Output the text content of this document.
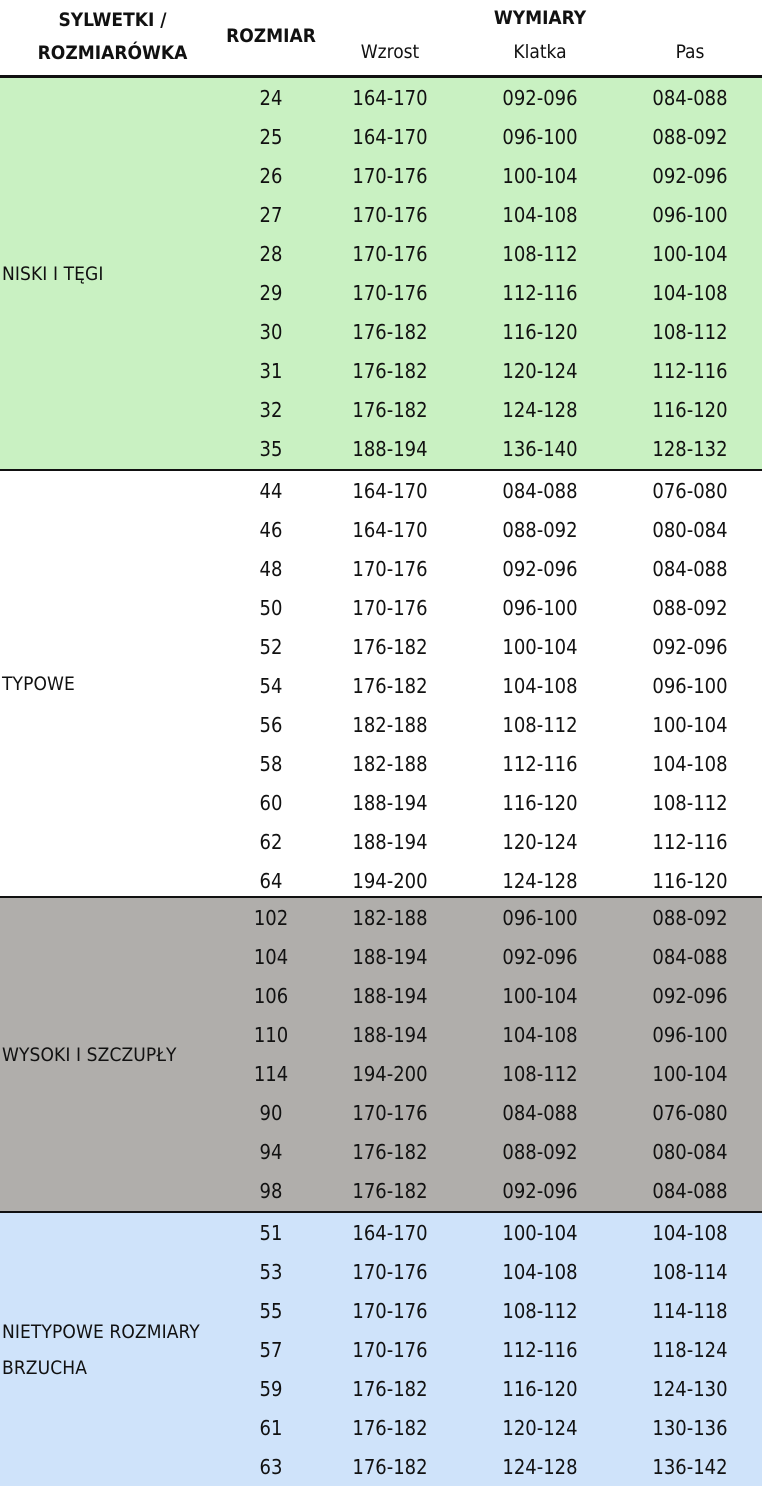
SYLWETKI /
ROZMIARÓWKA
ROZMIAR
WYMIARY
Wzrost	Klatka	Pas
NISKI I TĘGI
24	164-170	092-096	084-088
25	164-170	096-100	088-092
26	170-176	100-104	092-096
27	170-176	104-108	096-100
28	170-176	108-112	100-104
29	170-176	112-116	104-108
30	176-182	116-120	108-112
31	176-182	120-124	112-116
32	176-182	124-128	116-120
35	188-194	136-140	128-132
TYPOWE
44	164-170	084-088	076-080
46	164-170	088-092	080-084
48	170-176	092-096	084-088
50	170-176	096-100	088-092
52	176-182	100-104	092-096
54	176-182	104-108	096-100
56	182-188	108-112	100-104
58	182-188	112-116	104-108
60	188-194	116-120	108-112
62	188-194	120-124	112-116
64	194-200	124-128	116-120
WYSOKI I SZCZUPŁY
102	182-188	096-100	088-092
104	188-194	092-096	084-088
106	188-194	100-104	092-096
110	188-194	104-108	096-100
114	194-200	108-112	100-104
90	170-176	084-088	076-080
94	176-182	088-092	080-084
98	176-182	092-096	084-088
NIETYPOWE ROZMIARY
BRZUCHA
51	164-170	100-104	104-108
53	170-176	104-108	108-114
55	170-176	108-112	114-118
57	170-176	112-116	118-124
59	176-182	116-120	124-130
61	176-182	120-124	130-136
63	176-182	124-128	136-142
